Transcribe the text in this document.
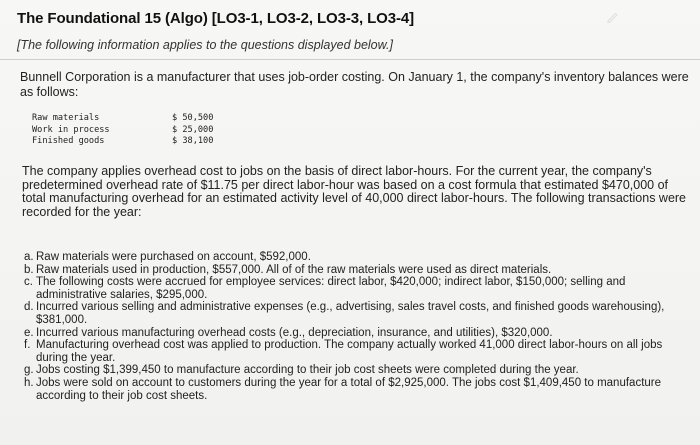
The Foundational 15 (Algo) [LO3-1, LO3-2, LO3-3, LO3-4]
[The following information applies to the questions displayed below.]
Bunnell Corporation is a manufacturer that uses job-order costing. On January 1, the company's inventory balances were as follows:
Raw materials	$ 50,500
Work in process	$ 25,000
Finished goods	$ 38,100
The company applies overhead cost to jobs on the basis of direct labor-hours. For the current year, the company's predetermined overhead rate of $11.75 per direct labor-hour was based on a cost formula that estimated $470,000 of total manufacturing overhead for an estimated activity level of 40,000 direct labor-hours. The following transactions were recorded for the year:
a. Raw materials were purchased on account, $592,000.
b. Raw materials used in production, $557,000. All of of the raw materials were used as direct materials.
c. The following costs were accrued for employee services: direct labor, $420,000; indirect labor, $150,000; selling and administrative salaries, $295,000.
d. Incurred various selling and administrative expenses (e.g., advertising, sales travel costs, and finished goods warehousing), $381,000.
e. Incurred various manufacturing overhead costs (e.g., depreciation, insurance, and utilities), $320,000.
f. Manufacturing overhead cost was applied to production. The company actually worked 41,000 direct labor-hours on all jobs during the year.
g. Jobs costing $1,399,450 to manufacture according to their job cost sheets were completed during the year.
h. Jobs were sold on account to customers during the year for a total of $2,925,000. The jobs cost $1,409,450 to manufacture according to their job cost sheets.
